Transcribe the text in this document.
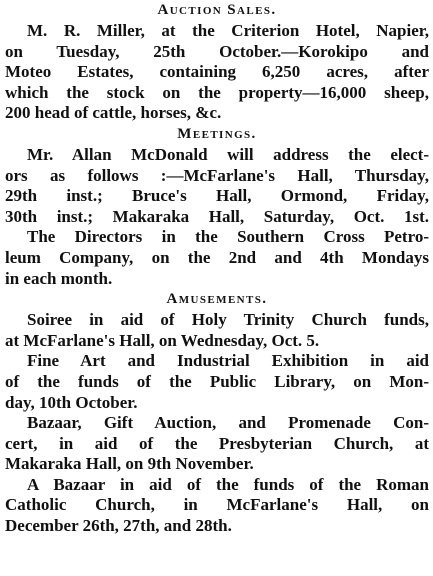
Auction Sales.

M. R. Miller, at the Criterion Hotel, Napier,
on Tuesday, 25th October.—Korokipo and
Moteo Estates, containing 6,250 acres, after
which the stock on the property—16,000 sheep,
200 head of cattle, horses, &c.

Meetings.

Mr. Allan McDonald will address the elect-
ors as follows :—McFarlane's Hall, Thursday,
29th inst.; Bruce's Hall, Ormond, Friday,
30th inst.; Makaraka Hall, Saturday, Oct. 1st.

The Directors in the Southern Cross Petro-
leum Company, on the 2nd and 4th Mondays
in each month.

Amusements.

Soiree in aid of Holy Trinity Church funds,
at McFarlane's Hall, on Wednesday, Oct. 5.

Fine Art and Industrial Exhibition in aid
of the funds of the Public Library, on Mon-
day, 10th October.

Bazaar, Gift Auction, and Promenade Con-
cert, in aid of the Presbyterian Church, at
Makaraka Hall, on 9th November.

A Bazaar in aid of the funds of the Roman
Catholic Church, in McFarlane's Hall, on
December 26th, 27th, and 28th.
